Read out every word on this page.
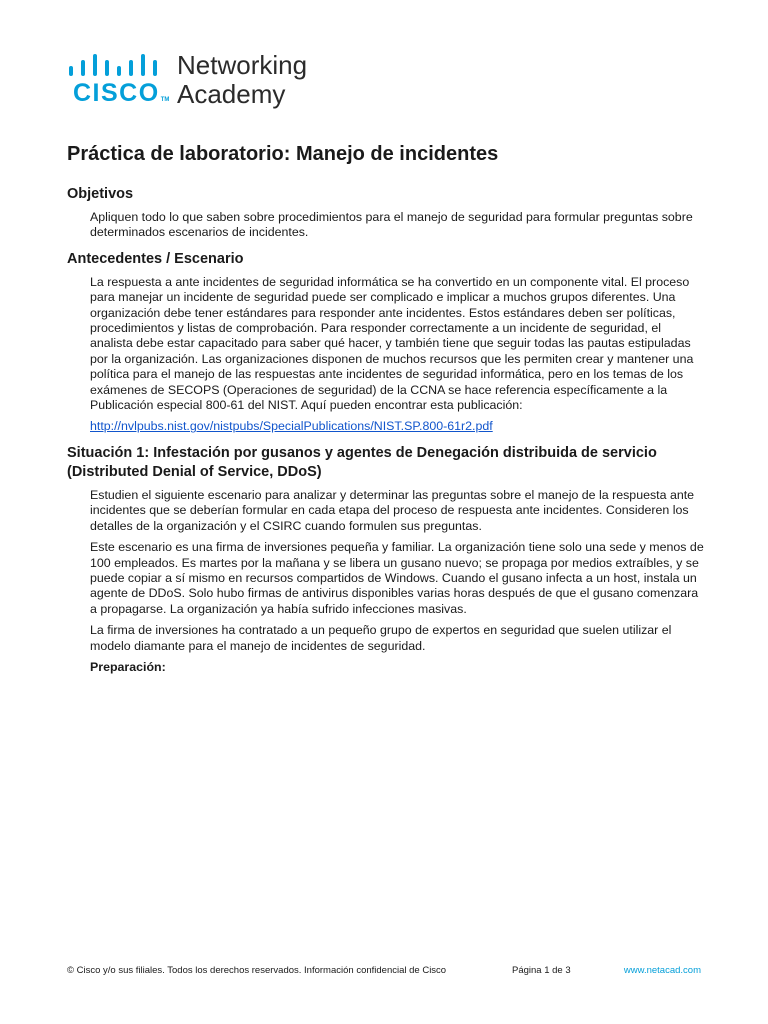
CISCOTM
Networking
Academy
Práctica de laboratorio: Manejo de incidentes
Objetivos

Apliquen todo lo que saben sobre procedimientos para el manejo de seguridad para formular preguntas sobre determinados escenarios de incidentes.

Antecedentes / Escenario

La respuesta a ante incidentes de seguridad informática se ha convertido en un componente vital. El proceso para manejar un incidente de seguridad puede ser complicado e implicar a muchos grupos diferentes. Una organización debe tener estándares para responder ante incidentes. Estos estándares deben ser políticas, procedimientos y listas de comprobación. Para responder correctamente a un incidente de seguridad, el analista debe estar capacitado para saber qué hacer, y también tiene que seguir todas las pautas estipuladas por la organización. Las organizaciones disponen de muchos recursos que les permiten crear y mantener una política para el manejo de las respuestas ante incidentes de seguridad informática, pero en los temas de los exámenes de SECOPS (Operaciones de seguridad) de la CCNA se hace referencia específicamente a la Publicación especial 800-61 del NIST. Aquí pueden encontrar esta publicación:

http://nvlpubs.nist.gov/nistpubs/SpecialPublications/NIST.SP.800-61r2.pdf

Situación 1: Infestación por gusanos y agentes de Denegación distribuida de servicio
(Distributed Denial of Service, DDoS)

Estudien el siguiente escenario para analizar y determinar las preguntas sobre el manejo de la respuesta ante incidentes que se deberían formular en cada etapa del proceso de respuesta ante incidentes. Consideren los detalles de la organización y el CSIRC cuando formulen sus preguntas.

Este escenario es una firma de inversiones pequeña y familiar. La organización tiene solo una sede y menos de 100 empleados. Es martes por la mañana y se libera un gusano nuevo; se propaga por medios extraíbles, y se puede copiar a sí mismo en recursos compartidos de Windows. Cuando el gusano infecta a un host, instala un agente de DDoS. Solo hubo firmas de antivirus disponibles varias horas después de que el gusano comenzara a propagarse. La organización ya había sufrido infecciones masivas.

La firma de inversiones ha contratado a un pequeño grupo de expertos en seguridad que suelen utilizar el modelo diamante para el manejo de incidentes de seguridad.

Preparación:
© Cisco y/o sus filiales. Todos los derechos reservados. Información confidencial de Cisco	Página 1 de 3	www.netacad.com
